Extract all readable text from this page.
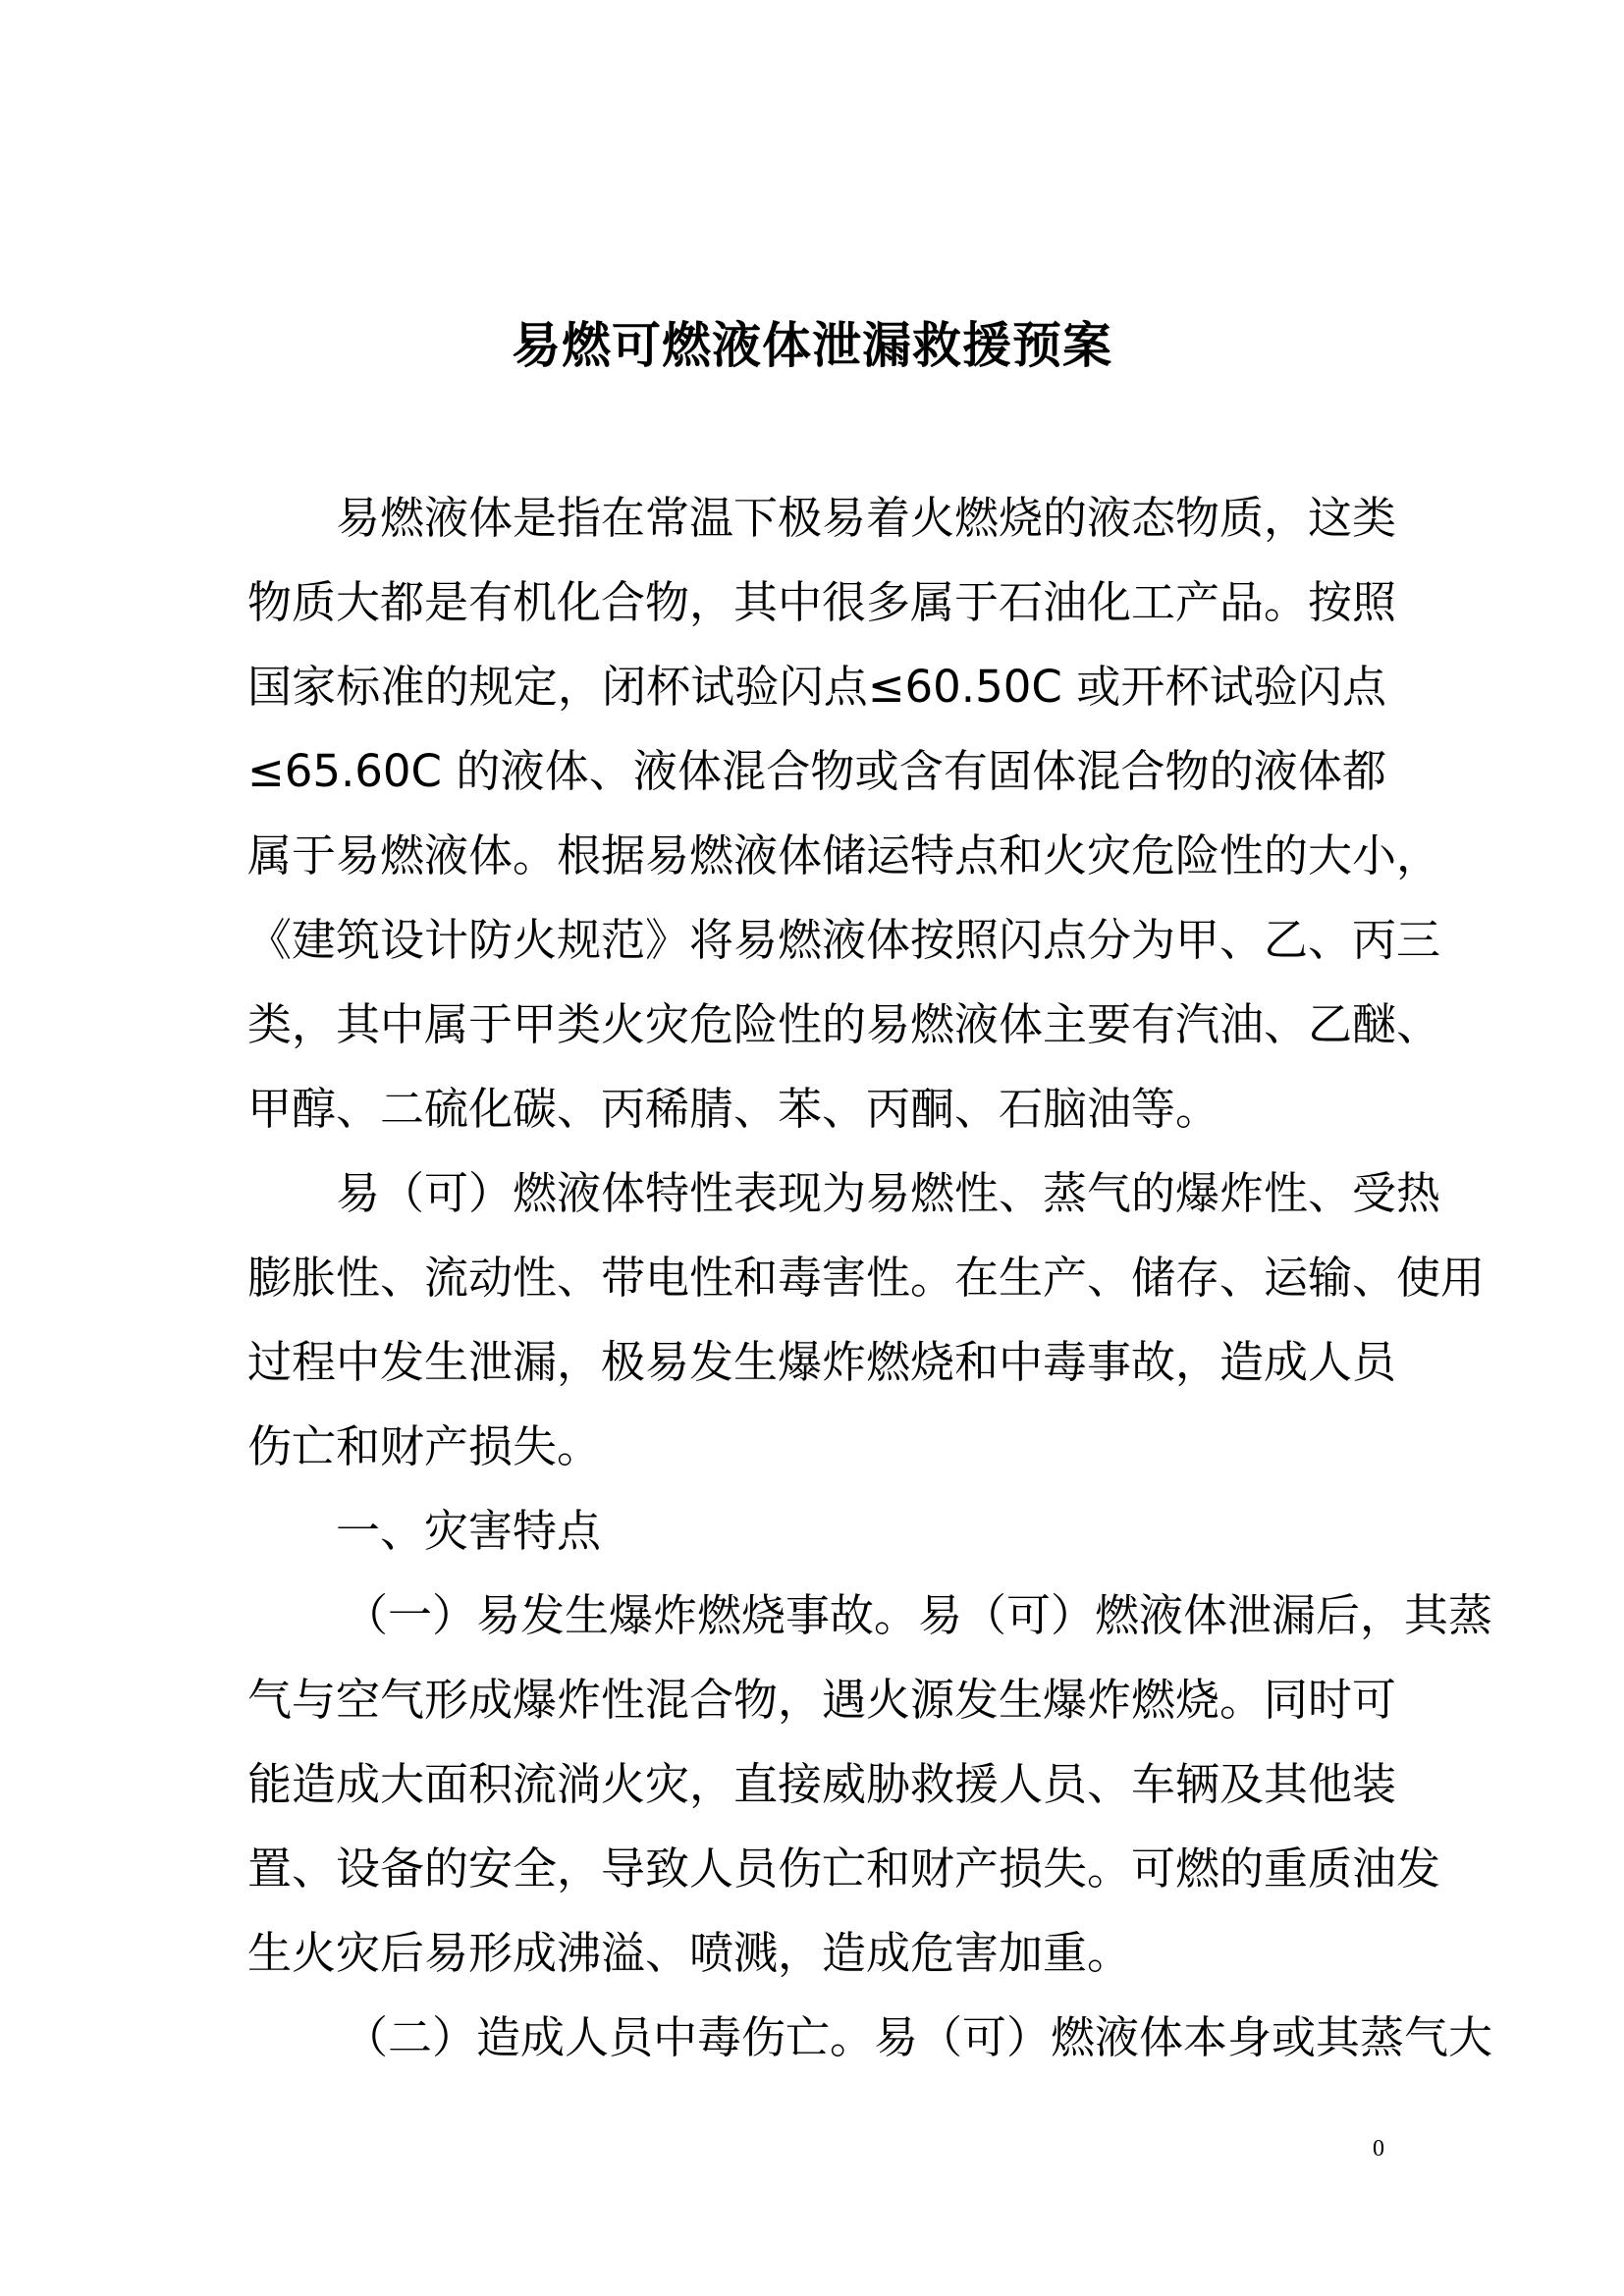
易燃可燃液体泄漏救援预案
易燃液体是指在常温下极易着火燃烧的液态物质，这类
物质大都是有机化合物，其中很多属于石油化工产品。按照
国家标准的规定，闭杯试验闪点≤60.50C 或开杯试验闪点
≤65.60C 的液体、液体混合物或含有固体混合物的液体都
属于易燃液体。根据易燃液体储运特点和火灾危险性的大小，
《建筑设计防火规范》将易燃液体按照闪点分为甲、乙、丙三
类，其中属于甲类火灾危险性的易燃液体主要有汽油、乙醚、
甲醇、二硫化碳、丙稀腈、苯、丙酮、石脑油等。
易（可）燃液体特性表现为易燃性、蒸气的爆炸性、受热
膨胀性、流动性、带电性和毒害性。在生产、储存、运输、使用
过程中发生泄漏，极易发生爆炸燃烧和中毒事故，造成人员
伤亡和财产损失。
一、灾害特点
（一）易发生爆炸燃烧事故。易（可）燃液体泄漏后，其蒸
气与空气形成爆炸性混合物，遇火源发生爆炸燃烧。同时可
能造成大面积流淌火灾，直接威胁救援人员、车辆及其他装
置、设备的安全，导致人员伤亡和财产损失。可燃的重质油发
生火灾后易形成沸溢、喷溅，造成危害加重。
（二）造成人员中毒伤亡。易（可）燃液体本身或其蒸气大
0
